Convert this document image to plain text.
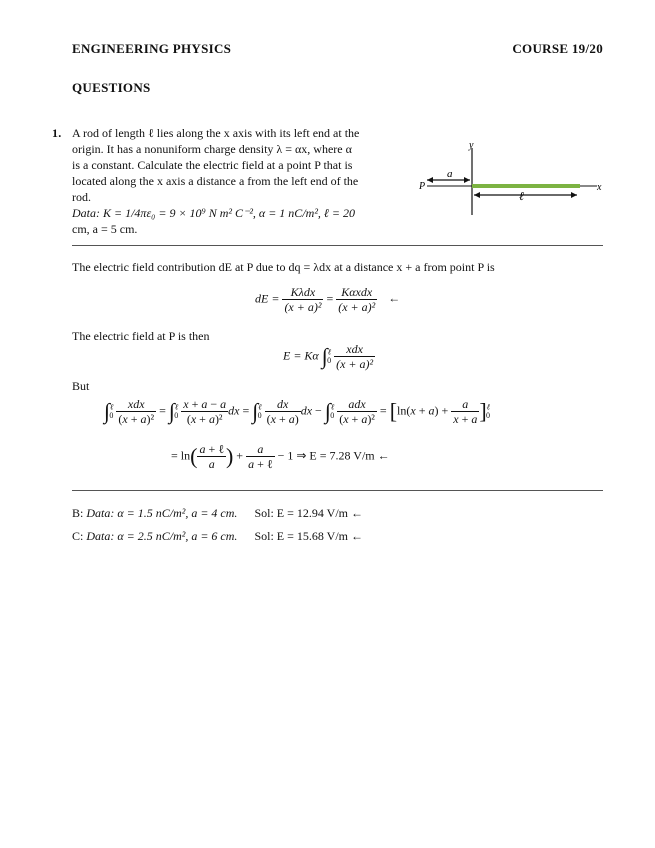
ENGINEERING PHYSICS	COURSE 19/20
QUESTIONS
1. A rod of length ℓ lies along the x axis with its left end at the
origin. It has a nonuniform charge density λ = αx, where α
is a constant. Calculate the electric field at a point P that is
located along the x axis a distance a from the left end of the
rod.
Data: K = 1/4πε₀ = 9 × 10⁹ N m² C⁻², α = 1 nC/m², ℓ = 20
cm, a = 5 cm.
y
x
P
a
ℓ
The electric field contribution dE at P due to dq = λdx at a distance x + a from point P is
dE = $\frac{\text{Kλdx}}{\text{(x + a)²}} = \frac{\text{Kαxdx}}{\text{(x + a)²}}$ ←
The electric field at P is then
E = Kα $\int^\ell_0 \frac{\text{xdx}}{\text{(x + a)²}}$
But
$\int^\ell_0 \frac{\text{xdx}}{\text{(x + a)²}} = \int^\ell_0 \frac{x + a - a}{\text{(x + a)²}}$ dx = $\int^\ell_0 \frac{dx}{(x + a)}$ dx − $\int^\ell_0 \frac{\text{adx}}{\text{(x + a)²}} = [\ln(x + a) + \frac{a}{x + a} ]^\ell_0$
= $\ln( \frac{\text{a + ℓ}}{a}$ ) + $\frac{a}{\text{a + ℓ}} - 1$ ⇒ E = 7.28 V/m ←
B: Data: α = 1.5 nC/m², a = 4 cm. Sol: E = 12.94 V/m ←
C: Data: α = 2.5 nC/m², a = 6 cm. Sol: E = 15.68 V/m ←
